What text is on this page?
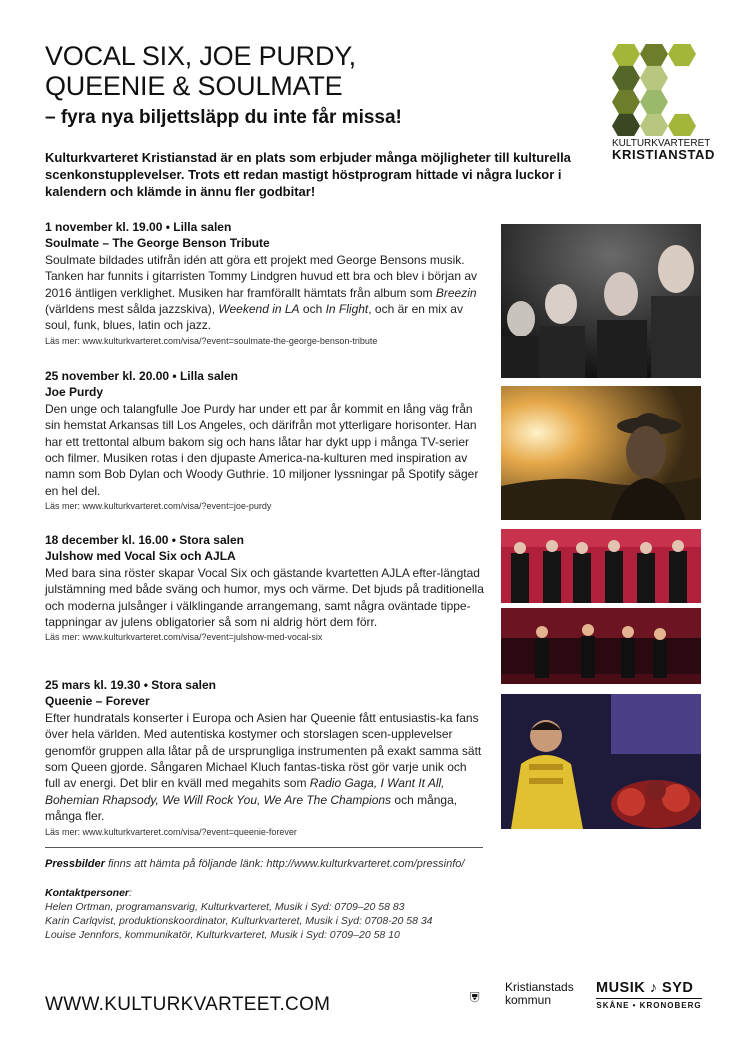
VOCAL SIX, JOE PURDY,
QUEENIE & SOULMATE
– fyra nya biljettsläpp du inte får missa!
KULTURKVARTERET
KRISTIANSTAD
Kulturkvarteret Kristianstad är en plats som erbjuder många möjligheter till kulturella scenkonstupplevelser. Trots ett redan mastigt höstprogram hittade vi några luckor i kalendern och klämde in ännu fler godbitar!
1 november kl. 19.00 • Lilla salen
Soulmate – The George Benson Tribute
Soulmate bildades utifrån idén att göra ett projekt med George Bensons musik. Tanken har funnits i gitarristen Tommy Lindgren huvud ett bra och blev i början av 2016 äntligen verklighet. Musiken har framförallt hämtats från album som Breezin (världens mest sålda jazzskiva), Weekend in LA och In Flight, och är en mix av soul, funk, blues, latin och jazz.
Läs mer: www.kulturkvarteret.com/visa/?event=soulmate-the-george-benson-tribute
25 november kl. 20.00 • Lilla salen
Joe Purdy
Den unge och talangfulle Joe Purdy har under ett par år kommit en lång väg från sin hemstat Arkansas till Los Angeles, och därifrån mot ytterligare horisonter. Han har ett trettontal album bakom sig och hans låtar har dykt upp i många TV-serier och filmer. Musiken rotas i den djupaste America-na-kulturen med inspiration av namn som Bob Dylan och Woody Guthrie. 10 miljoner lyssningar på Spotify säger en hel del.
Läs mer: www.kulturkvarteret.com/visa/?event=joe-purdy
18 december kl. 16.00 • Stora salen
Julshow med Vocal Six och AJLA
Med bara sina röster skapar Vocal Six och gästande kvartetten AJLA efter-längtad julstämning med både sväng och humor, mys och värme. Det bjuds på traditionella och moderna julsånger i välklingande arrangemang, samt några oväntade tippe-tappningar av julens obligatorier så som ni aldrig hört dem förr.
Läs mer: www.kulturkvarteret.com/visa/?event=julshow-med-vocal-six
25 mars kl. 19.30 • Stora salen
Queenie – Forever
Efter hundratals konserter i Europa och Asien har Queenie fått entusiastis-ka fans över hela världen. Med autentiska kostymer och storslagen scen-upplevelser genomför gruppen alla låtar på de ursprungliga instrumenten på exakt samma sätt som Queen gjorde. Sångaren Michael Kluch fantas-tiska röst gör varje unik och full av energi. Det blir en kväll med megahits som Radio Gaga, I Want It All, Bohemian Rhapsody, We Will Rock You, We Are The Champions och många, många fler.
Läs mer: www.kulturkvarteret.com/visa/?event=queenie-forever
Pressbilder finns att hämta på följande länk: http://www.kulturkvarteret.com/pressinfo/
Kontaktpersoner:
Helen Ortman, programansvarig, Kulturkvarteret, Musik i Syd: 0709–20 58 83
Karin Carlqvist, produktionskoordinator, Kulturkvarteret, Musik i Syd: 0708-20 58 34
Louise Jennfors, kommunikatör, Kulturkvarteret, Musik i Syd: 0709–20 58 10
WWW.KULTURKVARTEET.COM
Kristianstads
kommun
MUSIK ♪ SYD
SKÅNE • KRONOBERG
